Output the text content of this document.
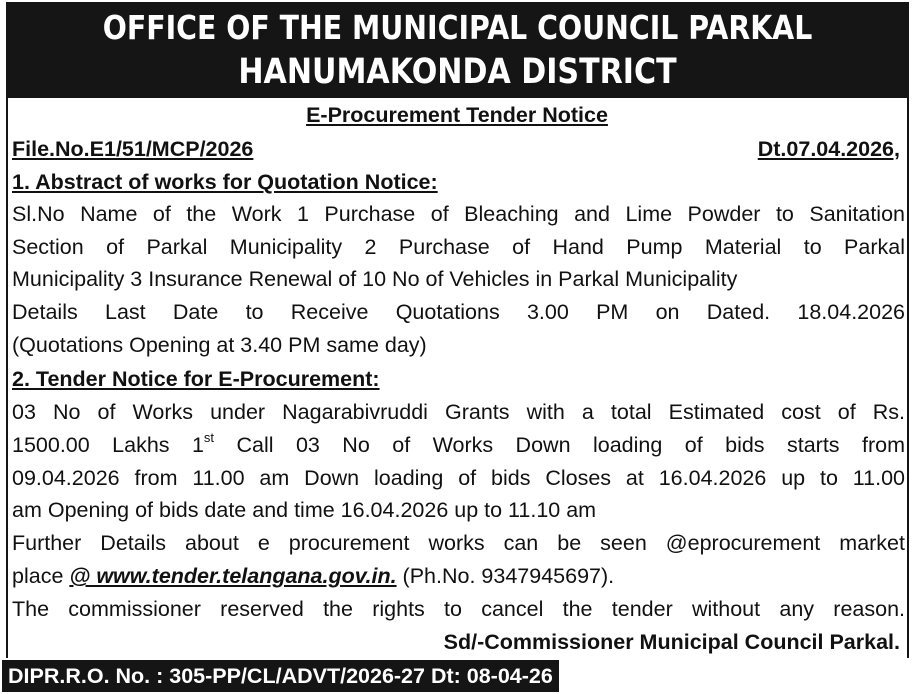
OFFICE OF THE MUNICIPAL COUNCIL PARKAL
HANUMAKONDA DISTRICT
E-Procurement Tender Notice
File.No.E1/51/MCP/2026	Dt.07.04.2026,
1. Abstract of works for Quotation Notice:
Sl.No Name of the Work 1 Purchase of Bleaching and Lime Powder to Sanitation
Section of Parkal Municipality 2 Purchase of Hand Pump Material to Parkal
Municipality 3 Insurance Renewal of 10 No of Vehicles in Parkal Municipality
Details Last Date to Receive Quotations 3.00 PM on Dated. 18.04.2026
(Quotations Opening at 3.40 PM same day)
2. Tender Notice for E-Procurement:
03 No of Works under Nagarabivruddi Grants with a total Estimated cost of Rs.
1500.00 Lakhs 1st Call 03 No of Works Down loading of bids starts from
09.04.2026 from 11.00 am Down loading of bids Closes at 16.04.2026 up to 11.00
am Opening of bids date and time 16.04.2026 up to 11.10 am
Further Details about e procurement works can be seen @eprocurement market
place @ www.tender.telangana.gov.in. (Ph.No. 9347945697).
The commissioner reserved the rights to cancel the tender without any reason.
Sd/-Commissioner Municipal Council Parkal.
DIPR.R.O. No. : 305-PP/CL/ADVT/2026-27 Dt: 08-04-26
